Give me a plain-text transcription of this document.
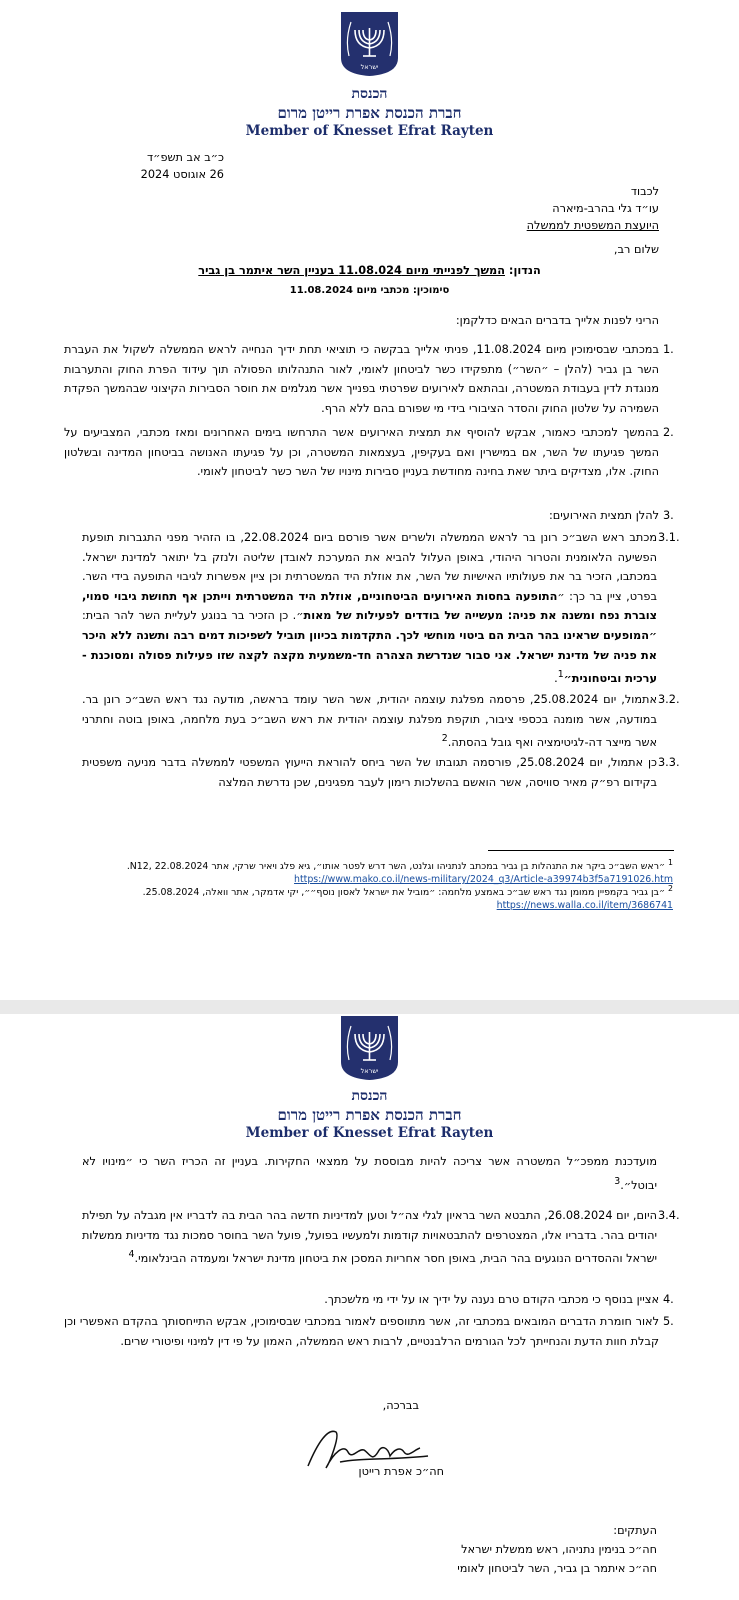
ישראל
הכנסת
חברת הכנסת אפרת רייטן מרום
Member of Knesset Efrat Rayten
כ״ב אב תשפ״ד
26 אוגוסט 2024
לכבוד
עו״ד גלי בהרב-מיארה
היועצת המשפטית לממשלה
שלום רב,
הנדון: המשך לפנייתי מיום 11.08.024 בעניין השר איתמר בן גביר
סימוכין: מכתבי מיום 11.08.2024
הריני לפנות אלייך בדברים הבאים כדלקמן:
1.
במכתבי שבסימוכין מיום 11.08.2024, פניתי אלייך בבקשה כי תוציאי תחת ידיך הנחייה לראש הממשלה לשקול את העברת השר בן גביר (להלן – ״השר״) מתפקידו כשר לביטחון לאומי, לאור התנהלותו הפסולה תוך עידוד הפרת החוק והתערבות מנוגדת לדין בעבודת המשטרה, ובהתאם לאירועים שפרטתי בפנייך אשר מגלמים את חוסר הסבירות הקיצוני שבהמשך הפקדת השמירה על שלטון החוק והסדר הציבורי בידי מי שפורם בהם ללא הרף.
2.
בהמשך למכתבי כאמור, אבקש להוסיף את תמצית האירועים אשר התרחשו בימים האחרונים ומאז מכתבי, המצביעים על המשך פגיעתו של השר, אם במישרין ואם בעקיפין, בעצמאות המשטרה, וכן על פגיעתו האנושה בביטחון המדינה ובשלטון החוק. אלו, מצדיקים ביתר שאת בחינה מחודשת בעניין סבירות מינויו של השר כשר לביטחון לאומי.
3.
להלן תמצית האירועים:
3.1.
מכתב ראש השב״כ רונן בר לראש הממשלה ולשרים אשר פורסם ביום 22.08.2024, בו הזהיר מפני התגברות תופעת הפשיעה הלאומנית והטרור היהודי, באופן העלול להביא את המערכת לאובדן שליטה ולנזק בל יתואר למדינת ישראל. במכתבו, הזכיר בר את פעולותיו האישיות של השר, את אוזלת היד המשטרתית וכן ציין אפשרות לגיבוי התופעה בידי השר. בפרט, ציין בר כך: ״התופעה בחסות האירועים הביטחוניים, אוזלת היד המשטרתית וייתכן אף תחושת גיבוי סמוי, צוברת נפח ומשנה את פניה: מעשייה של בודדים לפעילות של מאות״. כן הזכיר בר בנוגע לעליית השר להר הבית: ״המופעים שראינו בהר הבית הם ביטוי מוחשי לכך. התקדמות בכיוון תוביל לשפיכות דמים רבה ותשנה ללא היכר את פניה של מדינת ישראל. אני סבור שנדרשת הצהרה חד-משמעית מקצה לקצה שזו פעילות פסולה ומסוכנת - ערכית וביטחונית״$^1$.
3.2.
אתמול, יום 25.08.2024, פרסמה מפלגת עוצמה יהודית, אשר השר עומד בראשה, מודעה נגד ראש השב״כ רונן בר. במודעה, אשר מומנה בכספי ציבור, תוקפת מפלגת עוצמה יהודית את ראש השב״כ בעת מלחמה, באופן בוטה וחתרני אשר מייצר דה-לגיטימציה ואף גובל בהסתה.$^2$
3.3.
כן אתמול, יום 25.08.2024, פורסמה תגובתו של השר ביחס להוראת הייעוץ המשפטי לממשלה בדבר מניעה משפטית בקידום רפ״ק מאיר סוויסה, אשר הואשם בהשלכות רימון לעבר מפגינים, שכן נדרשת המלצה
$^1$ ״ראש השב״כ ביקר את התנהלות בן גביר במכתב לנתניהו וגלנט, השר דרש לפטר אותו״, גיא פלג ויאיר שרקי, אתר N12, 22.08.2024.
https://www.mako.co.il/news-military/2024_q3/Article-a39974b3f5a7191026.htm
$^2$ ״בן גביר בקמפיין ממומן נגד ראש שב״כ באמצע מלחמה: ״מוביל את ישראל לאסון נוסף״״, יקי אדמקר, אתר וואלה, 25.08.2024.
https://news.walla.co.il/item/3686741
ישראל
הכנסת
חברת הכנסת אפרת רייטן מרום
Member of Knesset Efrat Rayten
מועדכנת ממפכ״ל המשטרה אשר צריכה להיות מבוססת על ממצאי החקירות. בעניין זה הכריז השר כי ״מינויו לא יבוטל״.$^3$
3.4.
היום, יום 26.08.2024, התבטא השר בראיון לגלי צה״ל וטען למדיניות חדשה בהר הבית בה לדבריו אין מגבלה על תפילת יהודים בהר. בדבריו אלו, המצטרפים להתבטאויות קודמות ולמעשיו בפועל, פועל השר בחוסר סמכות נגד מדיניות ממשלות ישראל וההסדרים הנוגעים בהר הבית, באופן חסר אחריות המסכן את ביטחון מדינת ישראל ומעמדה הבינלאומי.$^4$
4.
אציין בנוסף כי מכתבי הקודם טרם נענה על ידיך או על ידי מי מלשכתך.
5.
לאור חומרת הדברים המובאים במכתבי זה, אשר מתווספים לאמור במכתבי שבסימוכין, אבקש התייחסותך בהקדם האפשרי וכן קבלת חוות הדעת והנחייתך לכל הגורמים הרלבנטיים, לרבות ראש הממשלה, האמון על פי דין למינוי ופיטורי שרים.
בברכה,
חה״כ אפרת רייטן
העתקים:
חה״כ בנימין נתניהו, ראש ממשלת ישראל
חה״כ איתמר בן גביר, השר לביטחון לאומי
